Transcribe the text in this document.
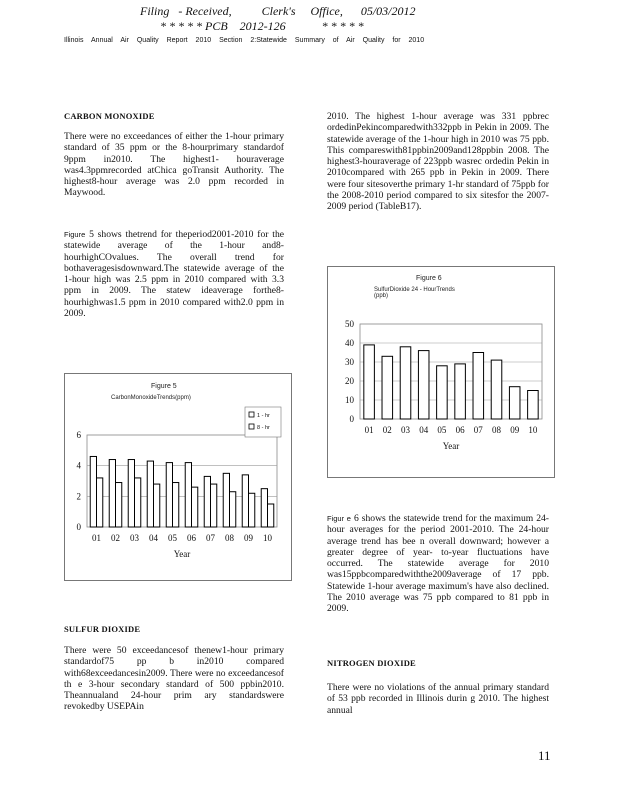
Filing   - Received,          Clerk's     Office,      05/03/2012
* * * * * PCB    2012-126            * * * * *
Illinois Annual Air Quality Report 2010 Section 2:Statewide Summary of Air Quality for 2010
CARBON MONOXIDE

There were no exceedances of either the 1-hour primary standard of 35 ppm or the 8-hourprimary standardof 9ppm in2010. The highest1- houraverage was4.3ppmrecorded atChica goTransit Authority. The highest8-hour average was 2.0 ppm recorded in Maywood.

Figure 5 shows thetrend for theperiod2001-2010 for the statewide average of the 1-hour and8-hourhighCOvalues. The overall trend for bothaveragesisdownward.The statewide average of the 1-hour high was 2.5 ppm in 2010 compared with 3.3 ppm in 2009. The statew ideaverage forthe8-hourhighwas1.5 ppm in 2010 compared with2.0 ppm in 2009.

Figure 5
CarbonMonoxideTrends(ppm)
0
2
4
6
01 02 03 04 05 06 07 08 09 10
Year
1 - hr
8 - hr
SULFUR DIOXIDE

There were 50 exceedancesof thenew1-hour primary standardof75 pp b in2010 compared with68exceedancesin2009. There were no exceedancesof th e 3-hour secondary standard of 500 ppbin2010. Theannualand 24-hour prim ary standardswere revokedby USEPAin

2010. The highest 1-hour average was 331 ppbrec ordedinPekincomparedwith332ppb in Pekin in 2009. The statewide average of the 1-hour high in 2010 was 75 ppb. This compareswith81ppbin2009and128ppbin 2008. The highest3-houraverage of 223ppb wasrec ordedin Pekin in 2010compared with 265 ppb in Pekin in 2009. There were four sitesoverthe primary 1-hr standard of 75ppb for the 2008-2010 period compared to six sitesfor the 2007-2009 period (TableB17).

Figure 6
SulfurDioxide 24 - HourTrends (ppb)
0
10
20
30
40
50
01 02 03 04 05 06 07 08 09 10
Year

Figur e 6 shows the statewide trend for the maximum 24-hour averages for the period 2001-2010. The 24-hour average trend has bee n overall downward; however a greater degree of year- to-year fluctuations have occurred. The statewide average for 2010 was15ppbcomparedwiththe2009average of 17 ppb. Statewide 1-hour average maximum's have also declined. The 2010 average was 75 ppb compared to 81 ppb in 2009.

NITROGEN DIOXIDE

There were no violations of the annual primary standard of 53 ppb recorded in Illinois durin g 2010. The highest annual

11
